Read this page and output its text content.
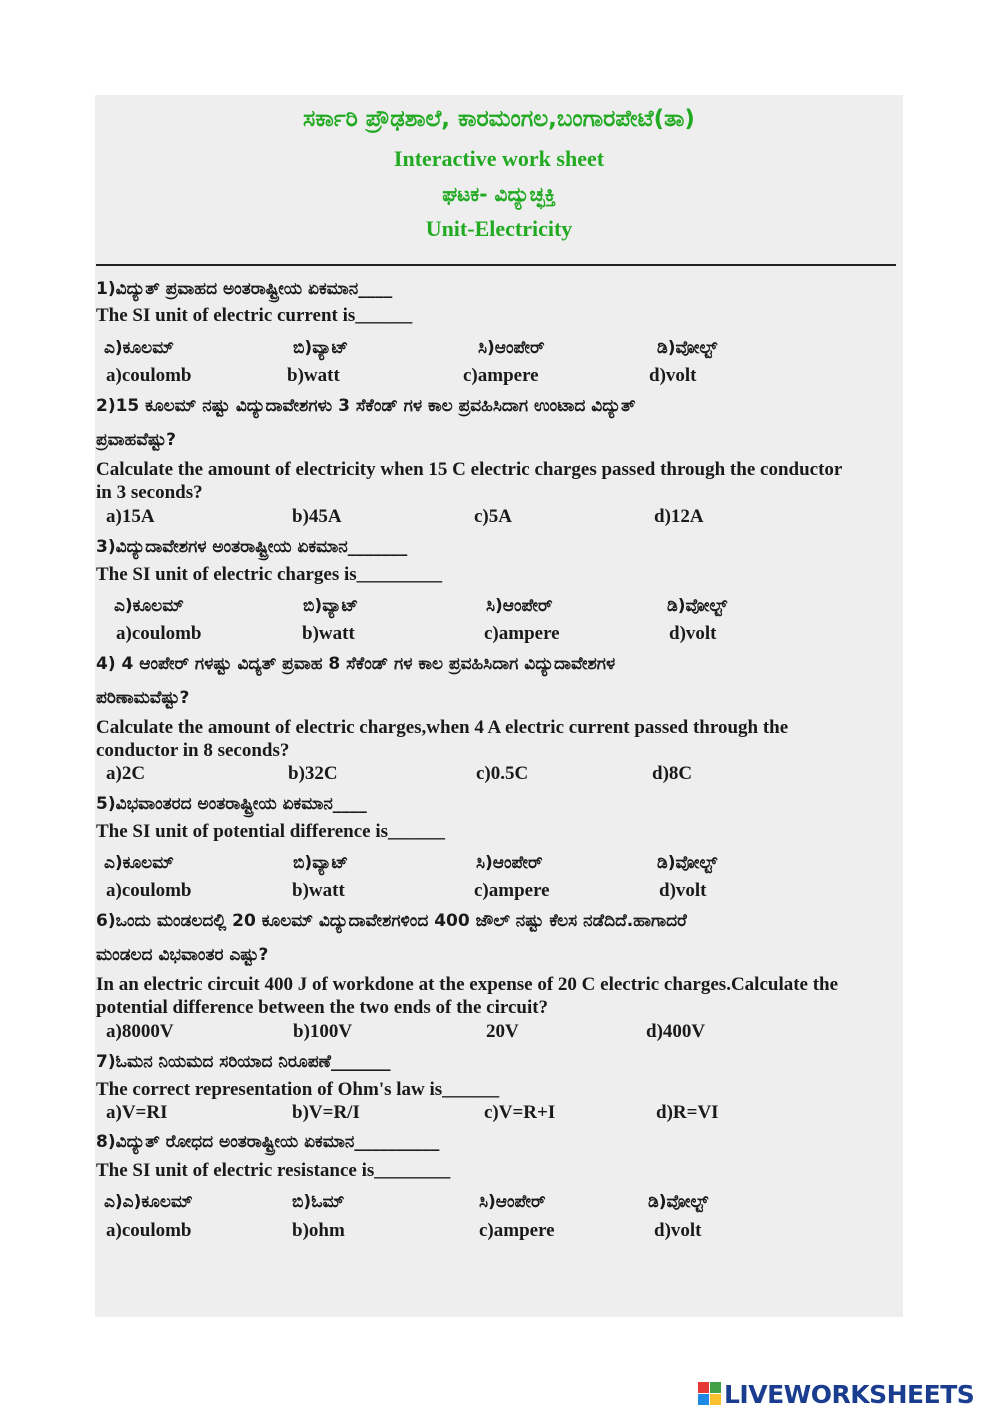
ಸರ್ಕಾರಿ ಪ್ರೌಢಶಾಲೆ, ಕಾರಮಂಗಲ,ಬಂಗಾರಪೇಟೆ(ತಾ)
Interactive work sheet
ಘಟಕ- ವಿದ್ಯುಚ್ಛಕ್ತಿ
Unit-Electricity
1)ವಿದ್ಯುತ್ ಪ್ರವಾಹದ ಅಂತರಾಷ್ಟ್ರೀಯ ಏಕಮಾನ____
The SI unit of electric current is______
ಎ)ಕೂಲಮ್	ಬಿ)ವ್ಯಾಟ್	ಸಿ)ಆಂಪೇರ್	ಡಿ)ವೋಲ್ಟ್
a)coulomb	b)watt	c)ampere	d)volt
2)15 ಕೂಲಮ್ ನಷ್ಟು ವಿದ್ಯುದಾವೇಶಗಳು 3 ಸೆಕೆಂಡ್ ಗಳ ಕಾಲ ಪ್ರವಹಿಸಿದಾಗ ಉಂಟಾದ ವಿದ್ಯುತ್
ಪ್ರವಾಹವೆಷ್ಟು?
Calculate the amount of electricity when 15 C electric charges passed through the conductor
in 3 seconds?
a)15A	b)45A	c)5A	d)12A
3)ವಿದ್ಯುದಾವೇಶಗಳ ಅಂತರಾಷ್ಟ್ರೀಯ ಏಕಮಾನ_______
The SI unit of electric charges is_________
ಎ)ಕೂಲಮ್	ಬಿ)ವ್ಯಾಟ್	ಸಿ)ಆಂಪೇರ್	ಡಿ)ವೋಲ್ಟ್
a)coulomb	b)watt	c)ampere	d)volt
4) 4 ಆಂಪೇರ್ ಗಳಷ್ಟು ವಿದ್ಯತ್ ಪ್ರವಾಹ 8 ಸೆಕೆಂಡ್ ಗಳ ಕಾಲ ಪ್ರವಹಿಸಿದಾಗ ವಿದ್ಯುದಾವೇಶಗಳ
ಪರಿಣಾಮವೆಷ್ಟು?
Calculate the amount of electric charges,when 4 A electric current passed through the
conductor in 8 seconds?
a)2C	b)32C	c)0.5C	d)8C
5)ವಿಭವಾಂತರದ ಅಂತರಾಷ್ಟ್ರೀಯ ಏಕಮಾನ____
The SI unit of potential difference is______
ಎ)ಕೂಲಮ್	ಬಿ)ವ್ಯಾಟ್	ಸಿ)ಆಂಪೇರ್	ಡಿ)ವೋಲ್ಟ್
a)coulomb	b)watt	c)ampere	d)volt
6)ಒಂದು ಮಂಡಲದಲ್ಲಿ 20 ಕೂಲಮ್ ವಿದ್ಯುದಾವೇಶಗಳಿಂದ 400 ಜೌಲ್ ನಷ್ಟು ಕೆಲಸ ನಡೆದಿದೆ.ಹಾಗಾದರೆ
ಮಂಡಲದ ವಿಭವಾಂತರ ಎಷ್ಟು?
In an electric circuit 400 J of workdone at the expense of 20 C electric charges.Calculate the
potential difference between the two ends of the circuit?
a)8000V	b)100V	20V	d)400V
7)ಓಮನ ನಿಯಮದ ಸರಿಯಾದ ನಿರೂಪಣೆ_______
The correct representation of Ohm's law is______
a)V=RI	b)V=R/I	c)V=R+I	d)R=VI
8)ವಿದ್ಯುತ್ ರೋಧದ ಅಂತರಾಷ್ಟ್ರೀಯ ಏಕಮಾನ__________
The SI unit of electric resistance is________
ಎ)ಎ)ಕೂಲಮ್	ಬಿ)ಓಮ್	ಸಿ)ಆಂಪೇರ್	ಡಿ)ವೋಲ್ಟ್
a)coulomb	b)ohm	c)ampere	d)volt
LIVEWORKSHEETS
